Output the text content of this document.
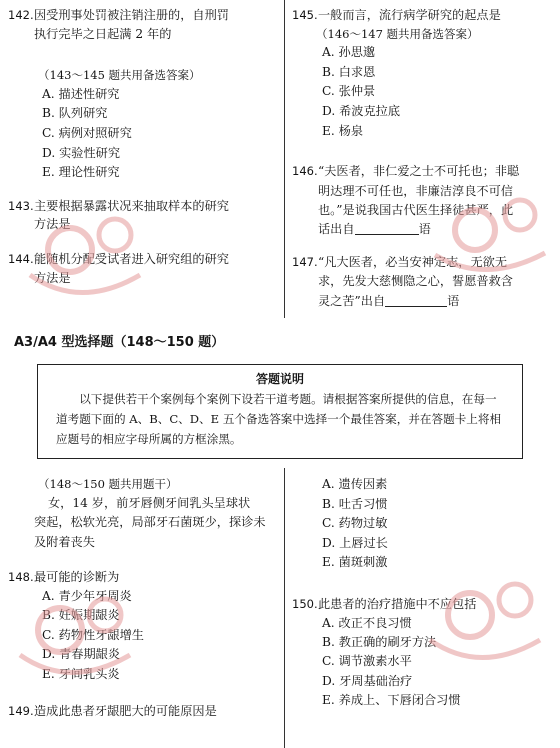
142. 因受刑事处罚被注销注册的，自刑罚
执行完毕之日起满 2 年的
（143～145 题共用备选答案）
A. 描述性研究
B. 队列研究
C. 病例对照研究
D. 实验性研究
E. 理论性研究
143. 主要根据暴露状况来抽取样本的研究
方法是
144. 能随机分配受试者进入研究组的研究
方法是
145. 一般而言，流行病学研究的起点是
（146～147 题共用备选答案）
A. 孙思邈
B. 白求恩
C. 张仲景
D. 希波克拉底
E. 杨泉
146. “夫医者，非仁爱之士不可托也；非聪
明达理不可任也，非廉洁淳良不可信
也。”是说我国古代医生择徒甚严，此
话出自	语
147. “凡大医者，必当安神定志，无欲无
求，先发大慈恻隐之心，誓愿普救含
灵之苦”出自	语
A3/A4 型选择题（148～150 题）
答题说明
以下提供若干个案例每个案例下设若干道考题。请根据答案所提供的信息，在每一道考题下面的 A、B、C、D、E 五个备选答案中选择一个最佳答案，并在答题卡上将相应题号的相应字母所属的方框涂黑。
（148～150 题共用题干）
女，14 岁，前牙唇侧牙间乳头呈球状
突起，松软光亮，局部牙石菌斑少，探诊未
及附着丧失
148. 最可能的诊断为
A. 青少年牙周炎
B. 妊娠期龈炎
C. 药物性牙龈增生
D. 青春期龈炎
E. 牙间乳头炎
149. 造成此患者牙龈肥大的可能原因是
A. 遗传因素
B. 吐舌习惯
C. 药物过敏
D. 上唇过长
E. 菌斑刺激
150. 此患者的治疗措施中不应包括
A. 改正不良习惯
B. 教正确的刷牙方法
C. 调节激素水平
D. 牙周基础治疗
E. 养成上、下唇闭合习惯
